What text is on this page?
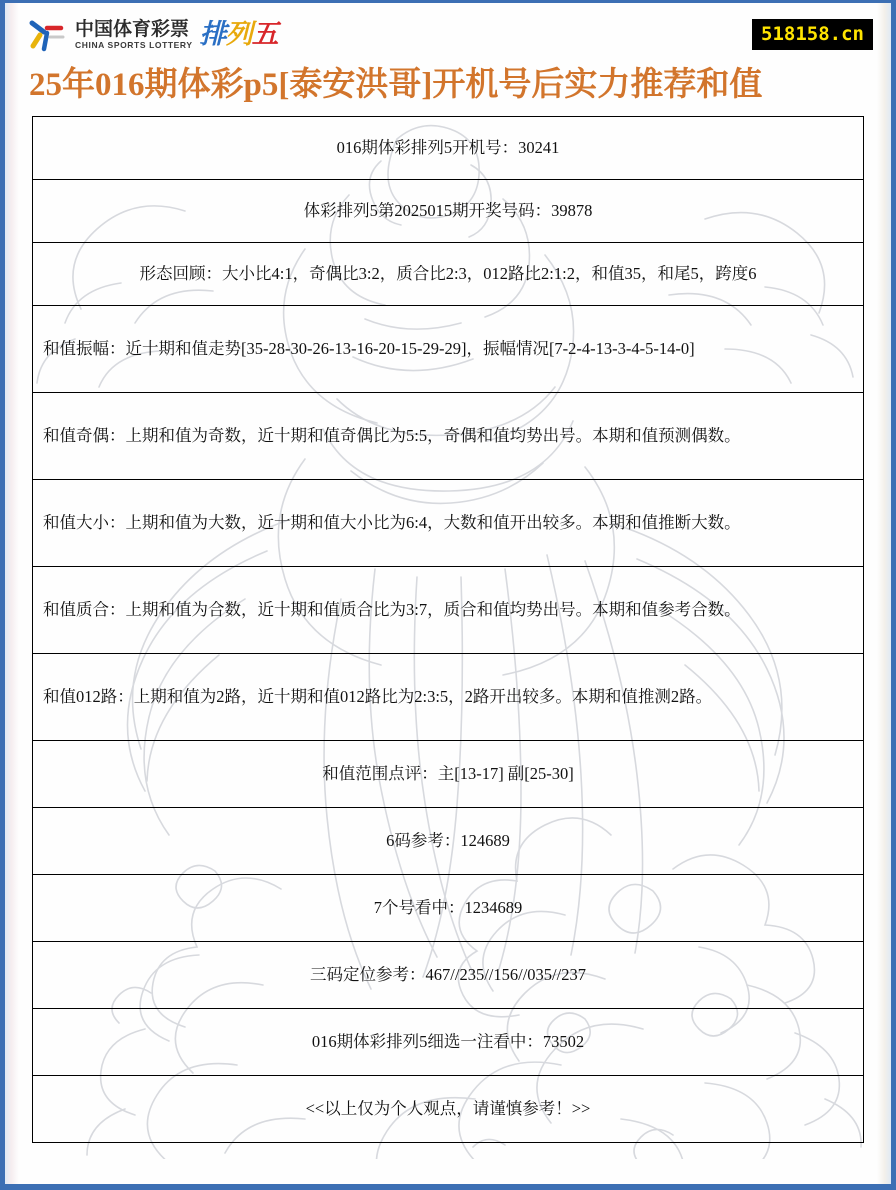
中国体育彩票
CHINA SPORTS LOTTERY 排列五	518158.cn
25年016期体彩p5[泰安洪哥]开机号后实力推荐和值
016期体彩排列5开机号：30241
体彩排列5第2025015期开奖号码：39878
形态回顾：大小比4:1，奇偶比3:2，质合比2:3，012路比2:1:2，和值35，和尾5，跨度6
和值振幅：近十期和值走势[35-28-30-26-13-16-20-15-29-29]，振幅情况[7-2-4-13-3-4-5-14-0]
和值奇偶：上期和值为奇数，近十期和值奇偶比为5:5，奇偶和值均势出号。本期和值预测偶数。
和值大小：上期和值为大数，近十期和值大小比为6:4，大数和值开出较多。本期和值推断大数。
和值质合：上期和值为合数，近十期和值质合比为3:7，质合和值均势出号。本期和值参考合数。
和值012路：上期和值为2路，近十期和值012路比为2:3:5，2路开出较多。本期和值推测2路。
和值范围点评：主[13-17] 副[25-30]
6码参考：124689
7个号看中：1234689
三码定位参考：467//235//156//035//237
016期体彩排列5细选一注看中：73502
<<以上仅为个人观点，请谨慎参考！>>
